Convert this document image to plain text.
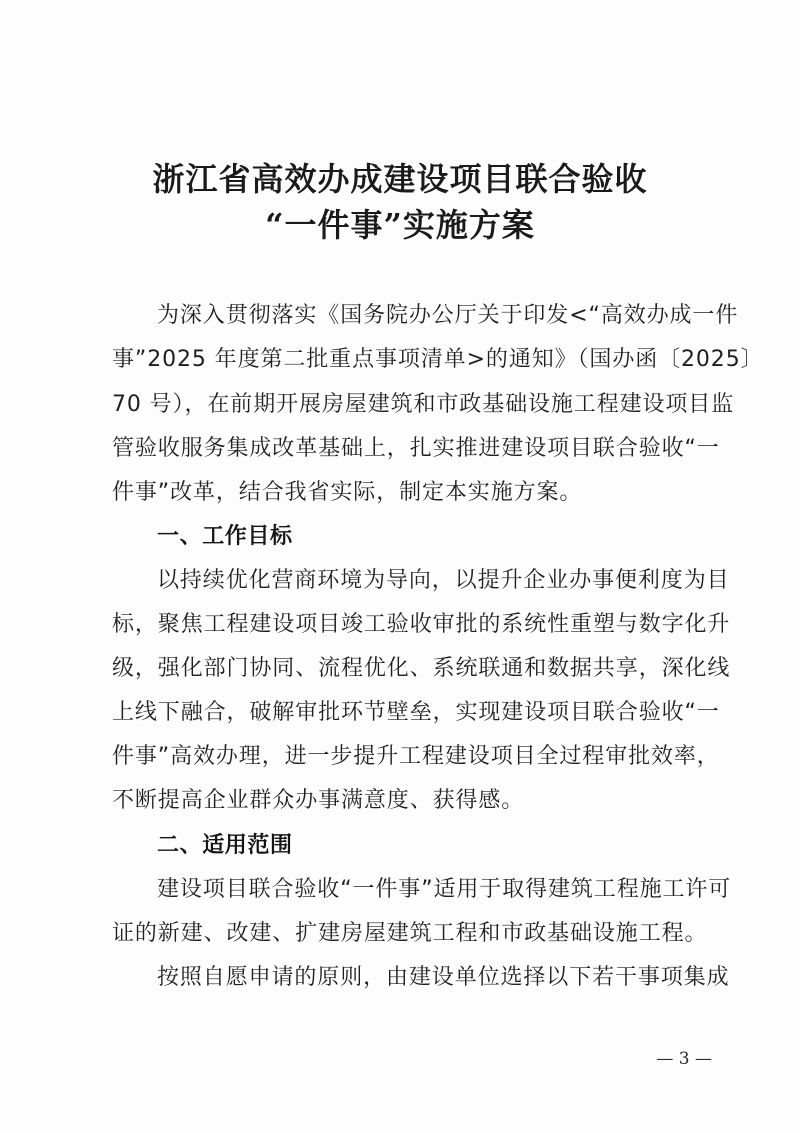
浙江省高效办成建设项目联合验收
“一件事”实施方案
为深入贯彻落实《国务院办公厅关于印发<“高效办成一件
事”2025 年度第二批重点事项清单>的通知》（国办函〔2025〕
70 号），在前期开展房屋建筑和市政基础设施工程建设项目监
管验收服务集成改革基础上，扎实推进建设项目联合验收“一
件事”改革，结合我省实际，制定本实施方案。
一、工作目标
以持续优化营商环境为导向，以提升企业办事便利度为目
标，聚焦工程建设项目竣工验收审批的系统性重塑与数字化升
级，强化部门协同、流程优化、系统联通和数据共享，深化线
上线下融合，破解审批环节壁垒，实现建设项目联合验收“一
件事”高效办理，进一步提升工程建设项目全过程审批效率，
不断提高企业群众办事满意度、获得感。
二、适用范围
建设项目联合验收“一件事”适用于取得建筑工程施工许可
证的新建、改建、扩建房屋建筑工程和市政基础设施工程。
按照自愿申请的原则，由建设单位选择以下若干事项集成
— 3 —
